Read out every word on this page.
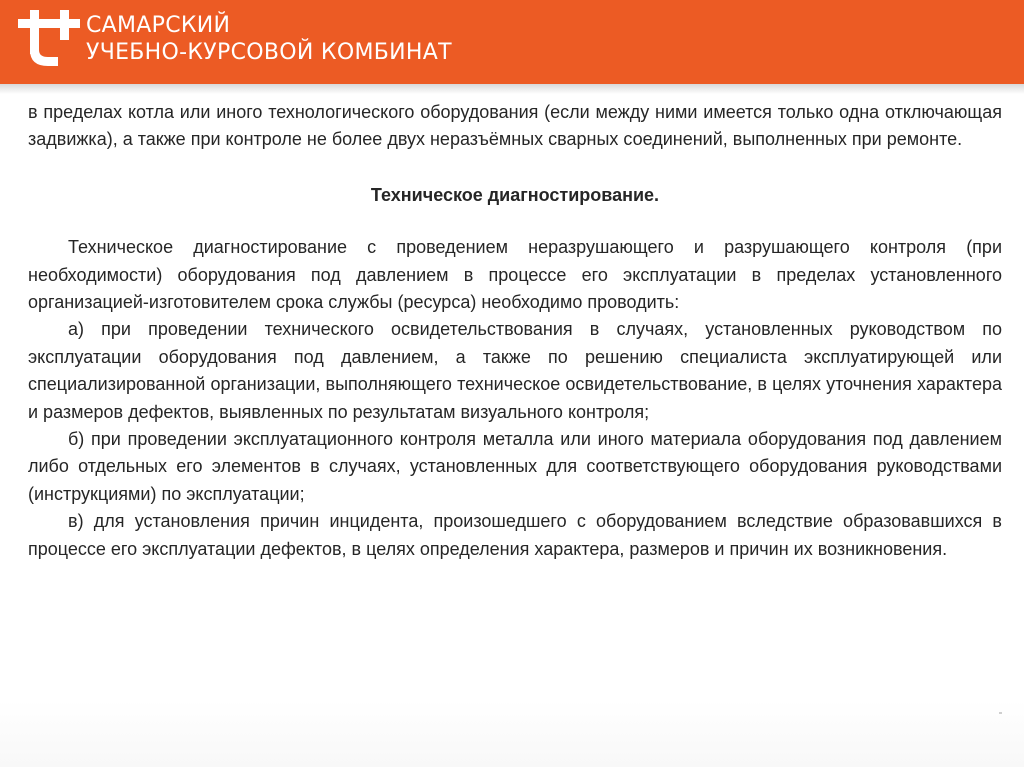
САМАРСКИЙ
УЧЕБНО-КУРСОВОЙ КОМБИНАТ

в пределах котла или иного технологического оборудования (если между ними имеется только одна отключающая задвижка), а также при контроле не более двух неразъёмных сварных соединений, выполненных при ремонте.

Техническое диагностирование.

Техническое диагностирование с проведением неразрушающего и разрушающего контроля (при необходимости) оборудования под давлением в процессе его эксплуатации в пределах установленного организацией-изготовителем срока службы (ресурса) необходимо проводить:

а) при проведении технического освидетельствования в случаях, установленных руководством по эксплуатации оборудования под давлением, а также по решению специалиста эксплуатирующей или специализированной организации, выполняющего техническое освидетельствование, в целях уточнения характера и размеров дефектов, выявленных по результатам визуального контроля;

б) при проведении эксплуатационного контроля металла или иного материала оборудования под давлением либо отдельных его элементов в случаях, установленных для соответствующего оборудования руководствами (инструкциями) по эксплуатации;

в) для установления причин инцидента, произошедшего с оборудованием вследствие образовавшихся в процессе его эксплуатации дефектов, в целях определения характера, размеров и причин их возникновения.
